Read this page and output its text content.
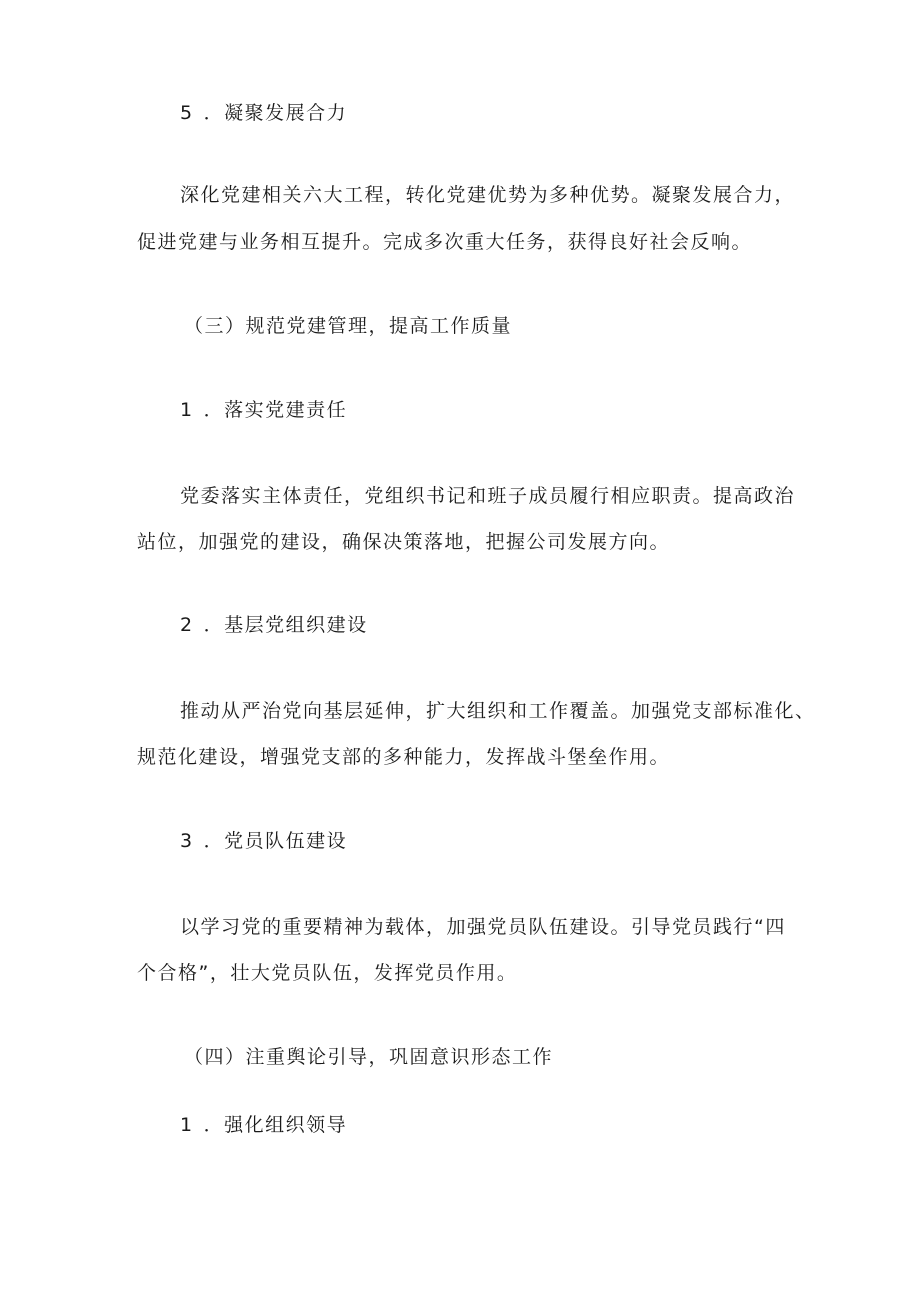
5 ．凝聚发展合力
深化党建相关六大工程，转化党建优势为多种优势。凝聚发展合力，
促进党建与业务相互提升。完成多次重大任务，获得良好社会反响。
（三）规范党建管理，提高工作质量
1 ．落实党建责任
党委落实主体责任，党组织书记和班子成员履行相应职责。提高政治
站位，加强党的建设，确保决策落地，把握公司发展方向。
2 ．基层党组织建设
推动从严治党向基层延伸，扩大组织和工作覆盖。加强党支部标准化、
规范化建设，增强党支部的多种能力，发挥战斗堡垒作用。
3 ．党员队伍建设
以学习党的重要精神为载体，加强党员队伍建设。引导党员践行“四
个合格”，壮大党员队伍，发挥党员作用。
（四）注重舆论引导，巩固意识形态工作
1 ．强化组织领导
